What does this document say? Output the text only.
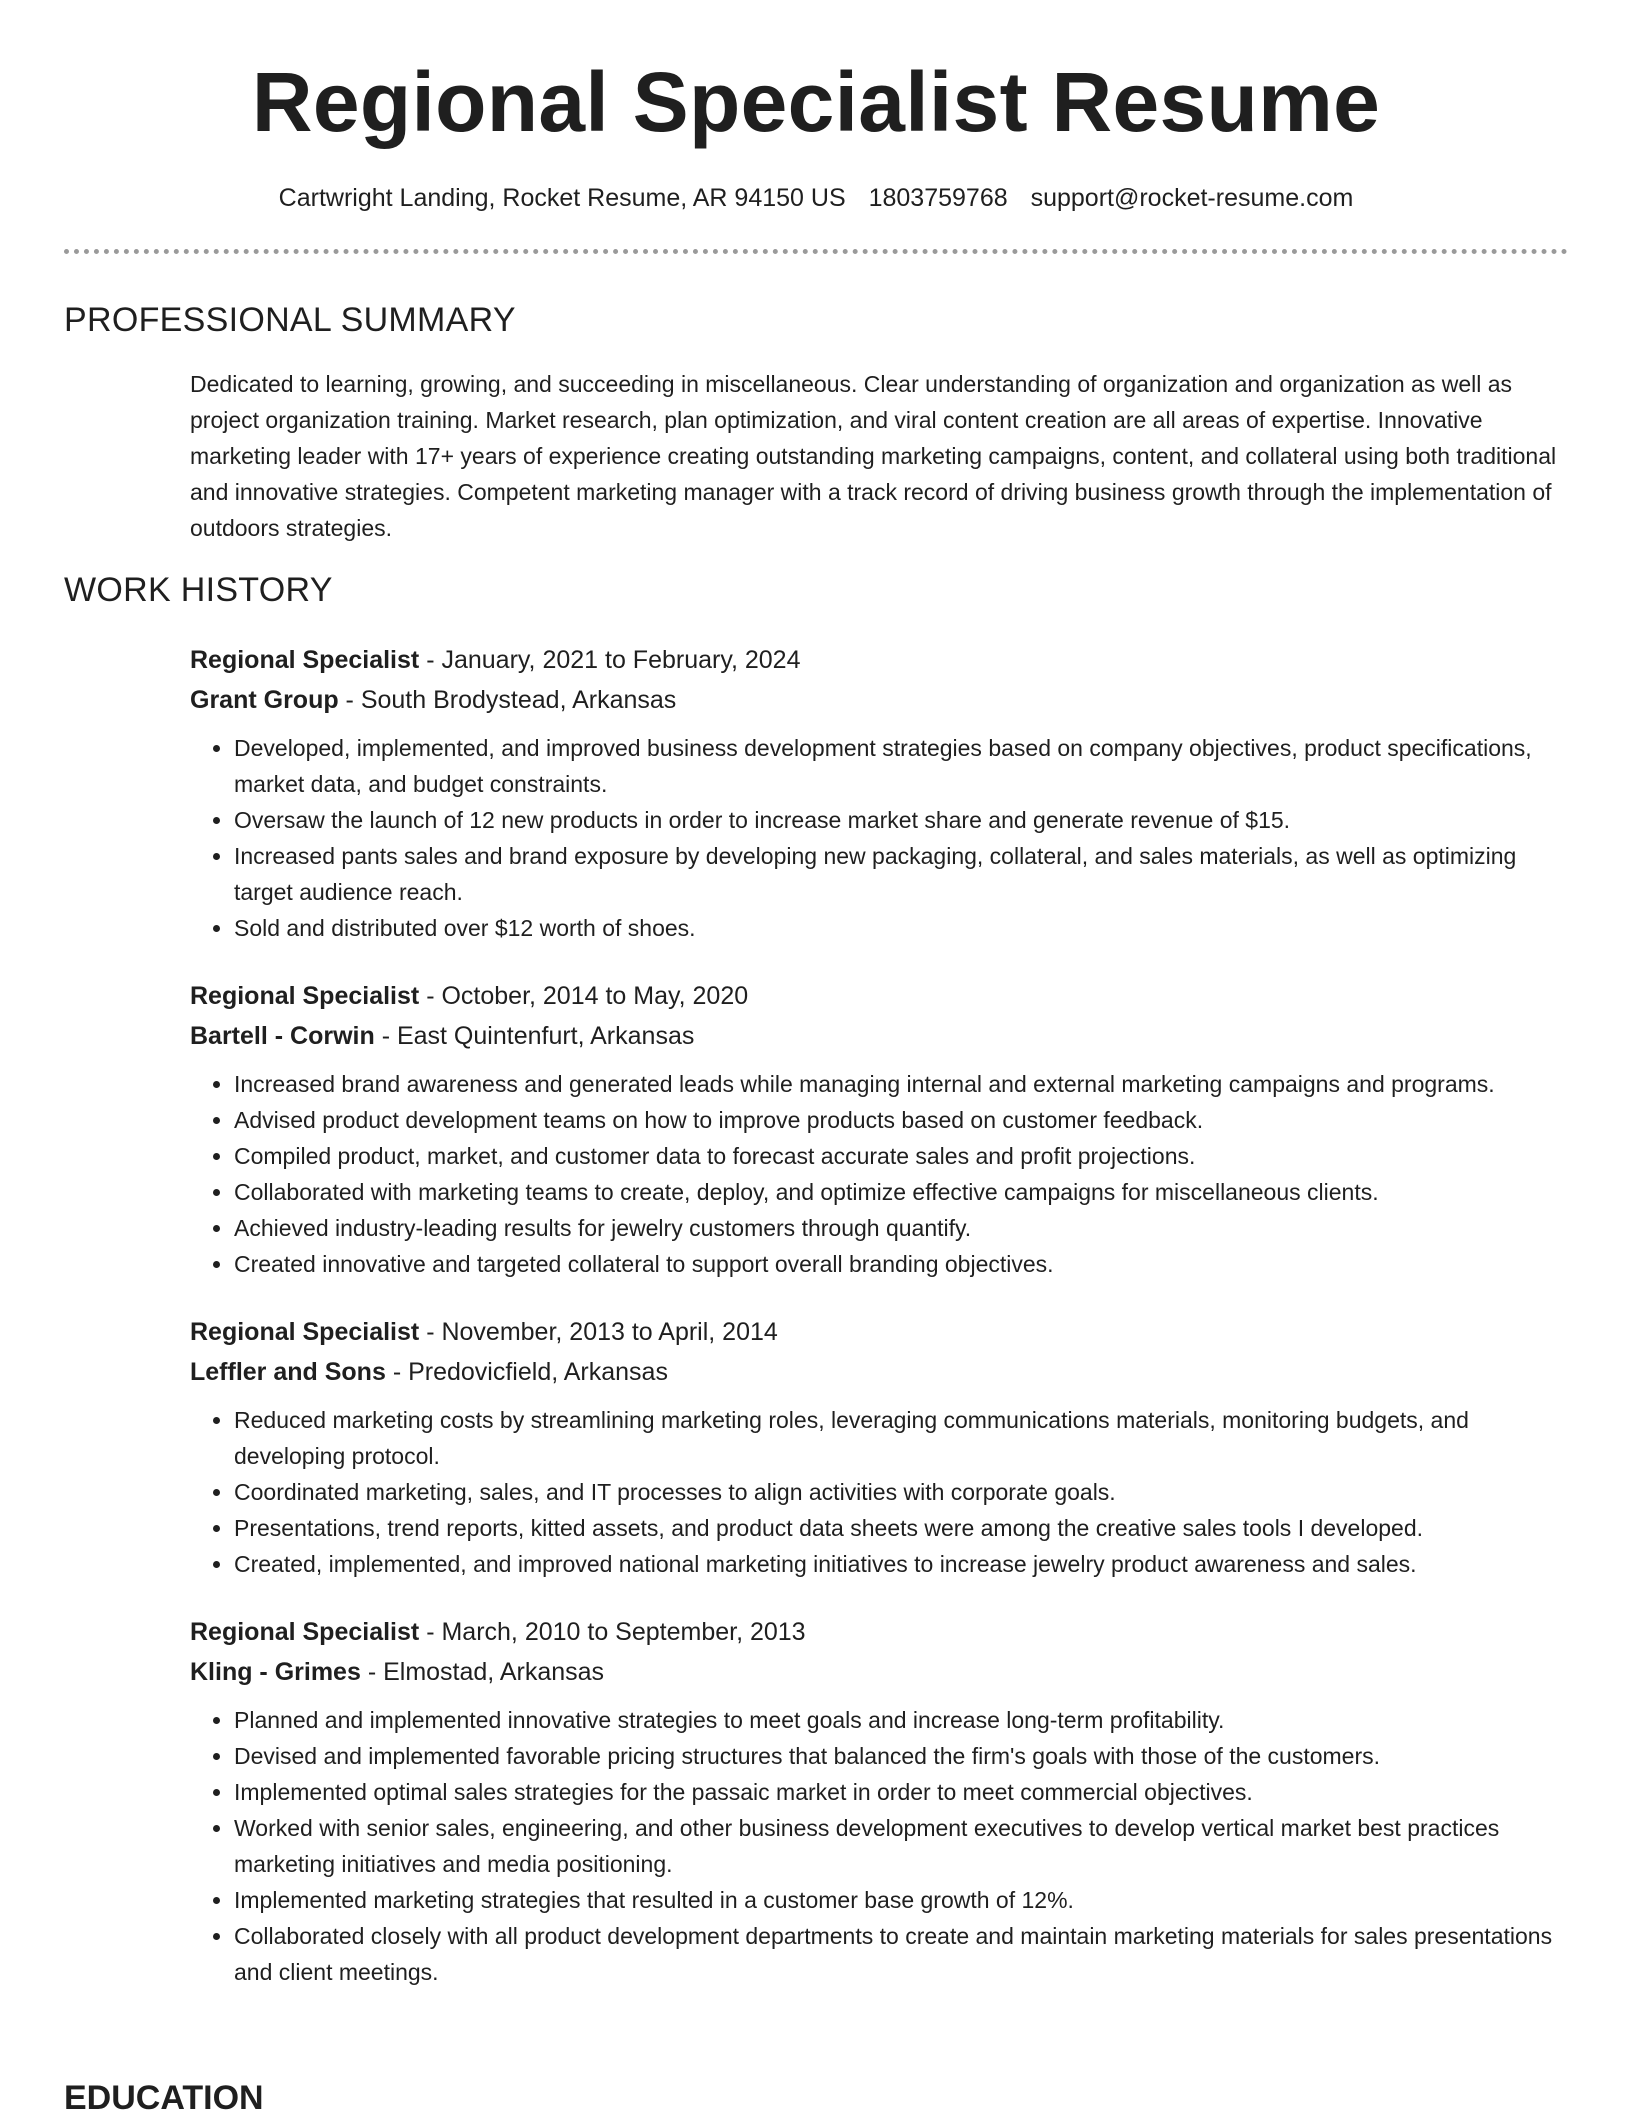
Regional Specialist Resume
Cartwright Landing, Rocket Resume, AR 94150 US 1803759768 support@rocket-resume.com
PROFESSIONAL SUMMARY

Dedicated to learning, growing, and succeeding in miscellaneous. Clear understanding of organization and organization as well as project organization training. Market research, plan optimization, and viral content creation are all areas of expertise. Innovative marketing leader with 17+ years of experience creating outstanding marketing campaigns, content, and collateral using both traditional and innovative strategies. Competent marketing manager with a track record of driving business growth through the implementation of outdoors strategies.

WORK HISTORY

Regional Specialist - January, 2021 to February, 2024

Grant Group - South Brodystead, Arkansas

• Developed, implemented, and improved business development strategies based on company objectives, product specifications, market data, and budget constraints.
• Oversaw the launch of 12 new products in order to increase market share and generate revenue of $15.
• Increased pants sales and brand exposure by developing new packaging, collateral, and sales materials, as well as optimizing target audience reach.
• Sold and distributed over $12 worth of shoes.

Regional Specialist - October, 2014 to May, 2020

Bartell - Corwin - East Quintenfurt, Arkansas

• Increased brand awareness and generated leads while managing internal and external marketing campaigns and programs.
• Advised product development teams on how to improve products based on customer feedback.
• Compiled product, market, and customer data to forecast accurate sales and profit projections.
• Collaborated with marketing teams to create, deploy, and optimize effective campaigns for miscellaneous clients.
• Achieved industry-leading results for jewelry customers through quantify.
• Created innovative and targeted collateral to support overall branding objectives.

Regional Specialist - November, 2013 to April, 2014

Leffler and Sons - Predovicfield, Arkansas

• Reduced marketing costs by streamlining marketing roles, leveraging communications materials, monitoring budgets, and developing protocol.
• Coordinated marketing, sales, and IT processes to align activities with corporate goals.
• Presentations, trend reports, kitted assets, and product data sheets were among the creative sales tools I developed.
• Created, implemented, and improved national marketing initiatives to increase jewelry product awareness and sales.

Regional Specialist - March, 2010 to September, 2013

Kling - Grimes - Elmostad, Arkansas

• Planned and implemented innovative strategies to meet goals and increase long-term profitability.
• Devised and implemented favorable pricing structures that balanced the firm's goals with those of the customers.
• Implemented optimal sales strategies for the passaic market in order to meet commercial objectives.
• Worked with senior sales, engineering, and other business development executives to develop vertical market best practices marketing initiatives and media positioning.
• Implemented marketing strategies that resulted in a customer base growth of 12%.
• Collaborated closely with all product development departments to create and maintain marketing materials for sales presentations and client meetings.
EDUCATION
